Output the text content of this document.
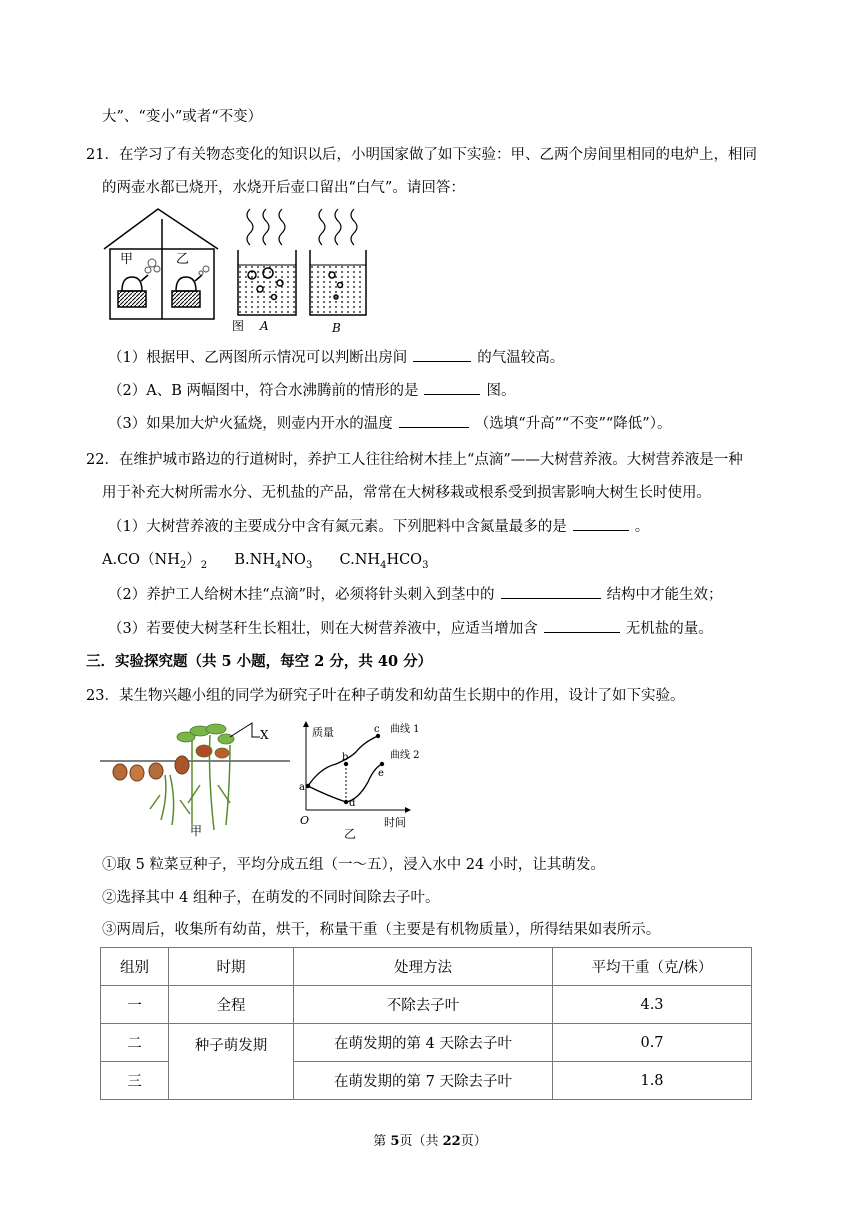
大”、“变小”或者“不变）
21．在学习了有关物态变化的知识以后，小明国家做了如下实验：甲、乙两个房间里相同的电炉上，相同
的两壶水都已烧开，水烧开后壶口留出“白气”。请回答：
甲	乙
图 A	B
（1）根据甲、乙两图所示情况可以判断出房间	的气温较高。
（2）A、B 两幅图中，符合水沸腾前的情形的是	图。
（3）如果加大炉火猛烧，则壶内开水的温度	（选填“升高”“不变”“降低”）。
22．在维护城市路边的行道树时，养护工人往往给树木挂上“点滴”——大树营养液。大树营养液是一种
用于补充大树所需水分、无机盐的产品，常常在大树移栽或根系受到损害影响大树生长时使用。
（1）大树营养液的主要成分中含有氮元素。下列肥料中含氮量最多的是	。
$A.CO(NH_2)_2$ $B.NH_4NO_3$ $C.NH_4HCO_3$
（2）养护工人给树木挂“点滴”时，必须将针头刺入到茎中的	结构中才能生效；
（3）若要使大树茎秆生长粗壮，则在大树营养液中，应适当增加含	无机盐的量。
三．实验探究题（共 5 小题，每空 2 分，共 40 分）
23．某生物兴趣小组的同学为研究子叶在种子萌发和幼苗生长期中的作用，设计了如下实验。
X
甲
质量
时间
O
a
b
c
d
e
曲线 1
曲线 2
乙
①取 5 粒菜豆种子，平均分成五组（一～五），浸入水中 24 小时，让其萌发。
②选择其中 4 组种子，在萌发的不同时间除去子叶。
③两周后，收集所有幼苗，烘干，称量干重（主要是有机物质量），所得结果如表所示。
组别	时期	处理方法	平均干重（克/株）
一	全程	不除去子叶	4.3
二	种子萌发期	在萌发期的第 4 天除去子叶	0.7
三		在萌发期的第 7 天除去子叶	1.8
第 5页（共 22页）
